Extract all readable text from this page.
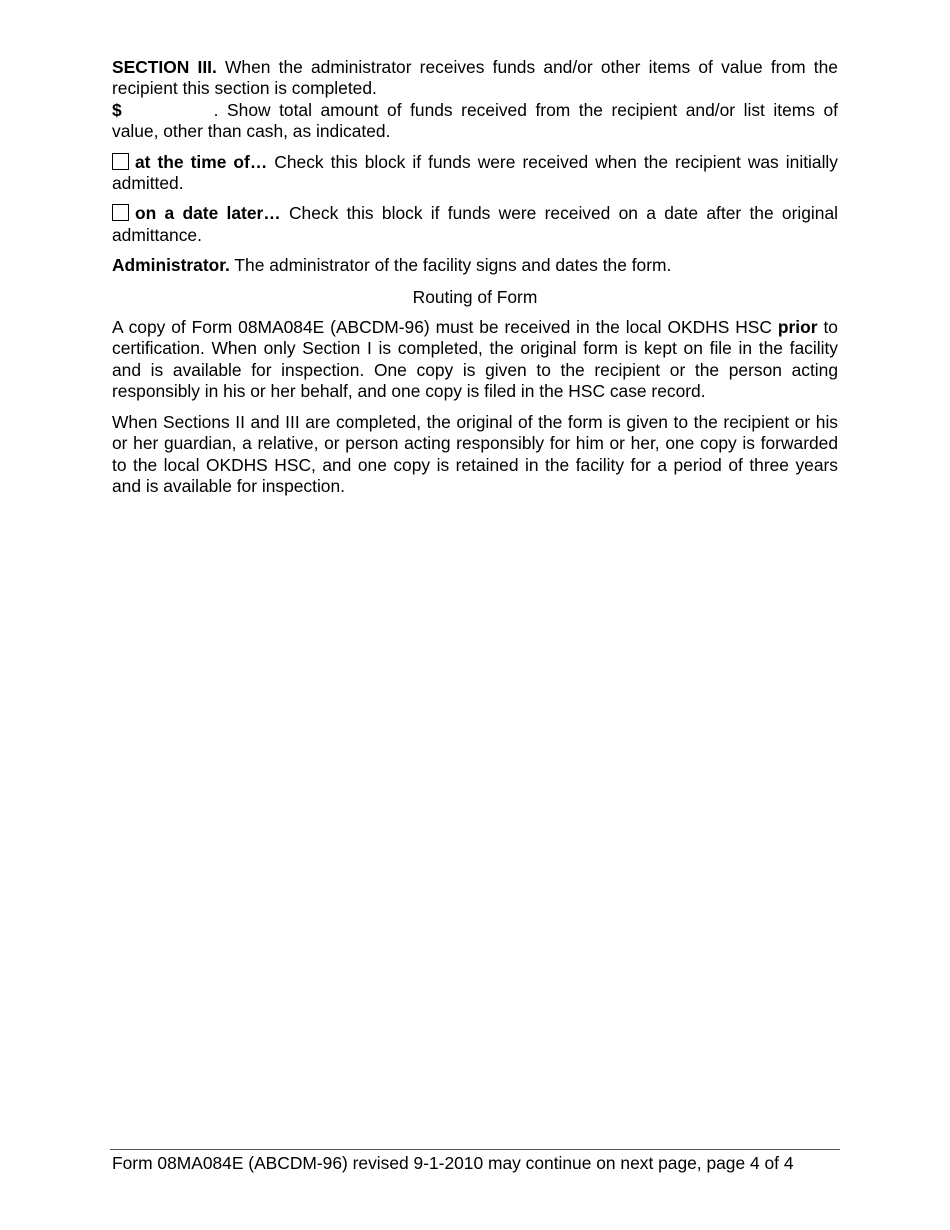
SECTION III. When the administrator receives funds and/or other items of value from the recipient this section is completed.

$	. Show total amount of funds received from the recipient and/or list items of value, other than cash, as indicated.

at the time of… Check this block if funds were received when the recipient was initially admitted.

on a date later… Check this block if funds were received on a date after the original admittance.

Administrator. The administrator of the facility signs and dates the form.

Routing of Form

A copy of Form 08MA084E (ABCDM-96) must be received in the local OKDHS HSC prior to certification. When only Section I is completed, the original form is kept on file in the facility and is available for inspection. One copy is given to the recipient or the person acting responsibly in his or her behalf, and one copy is filed in the HSC case record.

When Sections II and III are completed, the original of the form is given to the recipient or his or her guardian, a relative, or person acting responsibly for him or her, one copy is forwarded to the local OKDHS HSC, and one copy is retained in the facility for a period of three years and is available for inspection.

Form 08MA084E (ABCDM-96) revised 9-1-2010 may continue on next page, page 4 of 4
